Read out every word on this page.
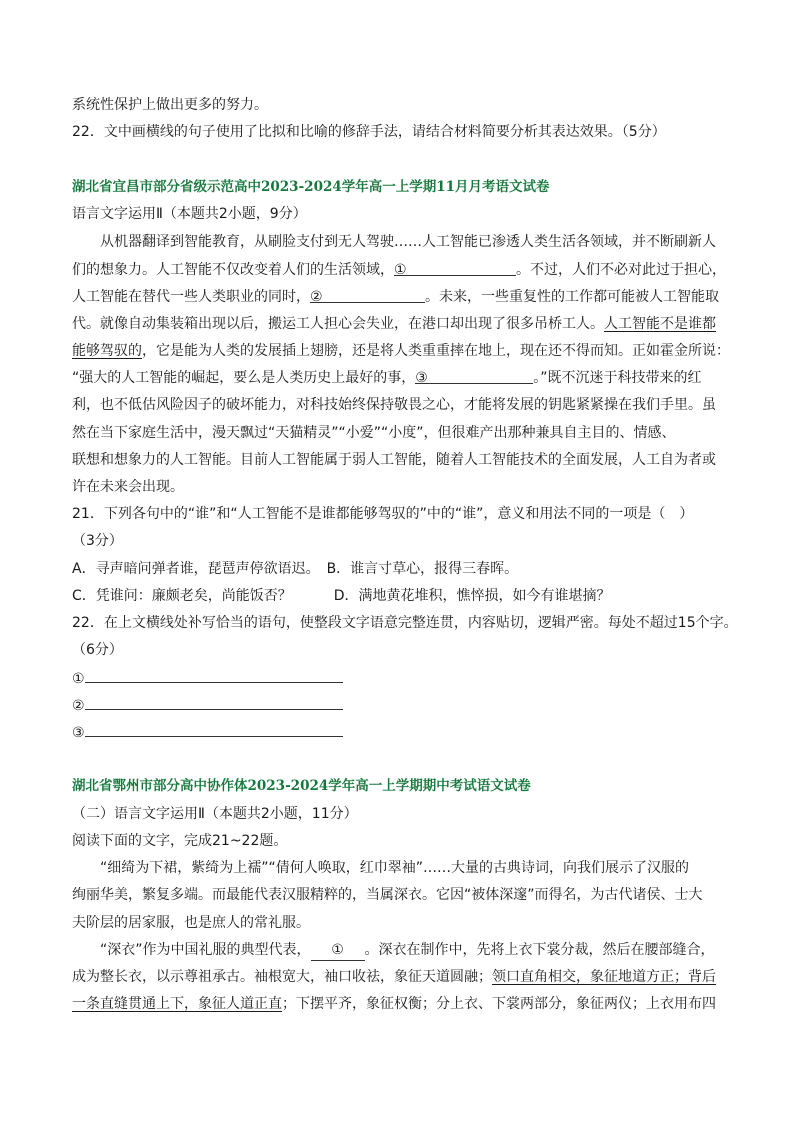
系统性保护上做出更多的努力。
22．文中画横线的句子使用了比拟和比喻的修辞手法，请结合材料简要分析其表达效果。（5分）
湖北省宜昌市部分省级示范高中2023-2024学年高一上学期11月月考语文试卷
语言文字运用Ⅱ（本题共2小题，9分）
从机器翻译到智能教育，从刷脸支付到无人驾驶……人工智能已渗透人类生活各领域，并不断刷新人
们的想象力。人工智能不仅改变着人们的生活领域，①	。不过，人们不必对此过于担心，
人工智能在替代一些人类职业的同时，②	。未来，一些重复性的工作都可能被人工智能取
代。就像自动集装箱出现以后，搬运工人担心会失业，在港口却出现了很多吊桥工人。人工智能不是谁都
能够驾驭的，它是能为人类的发展插上翅膀，还是将人类重重摔在地上，现在还不得而知。正如霍金所说：
“强大的人工智能的崛起，要么是人类历史上最好的事，③	。”既不沉迷于科技带来的红
利，也不低估风险因子的破坏能力，对科技始终保持敬畏之心，才能将发展的钥匙紧紧操在我们手里。虽
然在当下家庭生活中，漫天飘过“天猫精灵”“小爱”“小度”，但很难产出那种兼具自主目的、情感、
联想和想象力的人工智能。目前人工智能属于弱人工智能，随着人工智能技术的全面发展，人工自为者或
许在未来会出现。
21．下列各句中的“谁”和“人工智能不是谁都能够驾驭的”中的“谁”，意义和用法不同的一项是（　）
（3分）
A．寻声暗问弹者谁，琵琶声停欲语迟。　B．谁言寸草心，报得三春晖。
C．凭谁问：廉颇老矣，尚能饭否？　　　D．满地黄花堆积，憔悴损，如今有谁堪摘？
22．在上文横线处补写恰当的语句，使整段文字语意完整连贯，内容贴切，逻辑严密。每处不超过15个字。
（6分）
①
②
③
湖北省鄂州市部分高中协作体2023-2024学年高一上学期期中考试语文试卷
（二）语言文字运用Ⅱ（本题共2小题，11分）
阅读下面的文字，完成21~22题。
“细绮为下裙，紫绮为上襦”“倩何人唤取，红巾翠袖”……大量的古典诗词，向我们展示了汉服的
绚丽华美，繁复多端。而最能代表汉服精粹的，当属深衣。它因“被体深邃”而得名，为古代诸侯、士大
夫阶层的居家服，也是庶人的常礼服。
“深衣”作为中国礼服的典型代表， ① 。深衣在制作中，先将上衣下裳分裁，然后在腰部缝合，
成为整长衣，以示尊祖承古。袖根宽大，袖口收祛，象征天道圆融；领口直角相交，象征地道方正；背后
一条直缝贯通上下，象征人道正直；下摆平齐，象征权衡；分上衣、下裳两部分，象征两仪；上衣用布四
